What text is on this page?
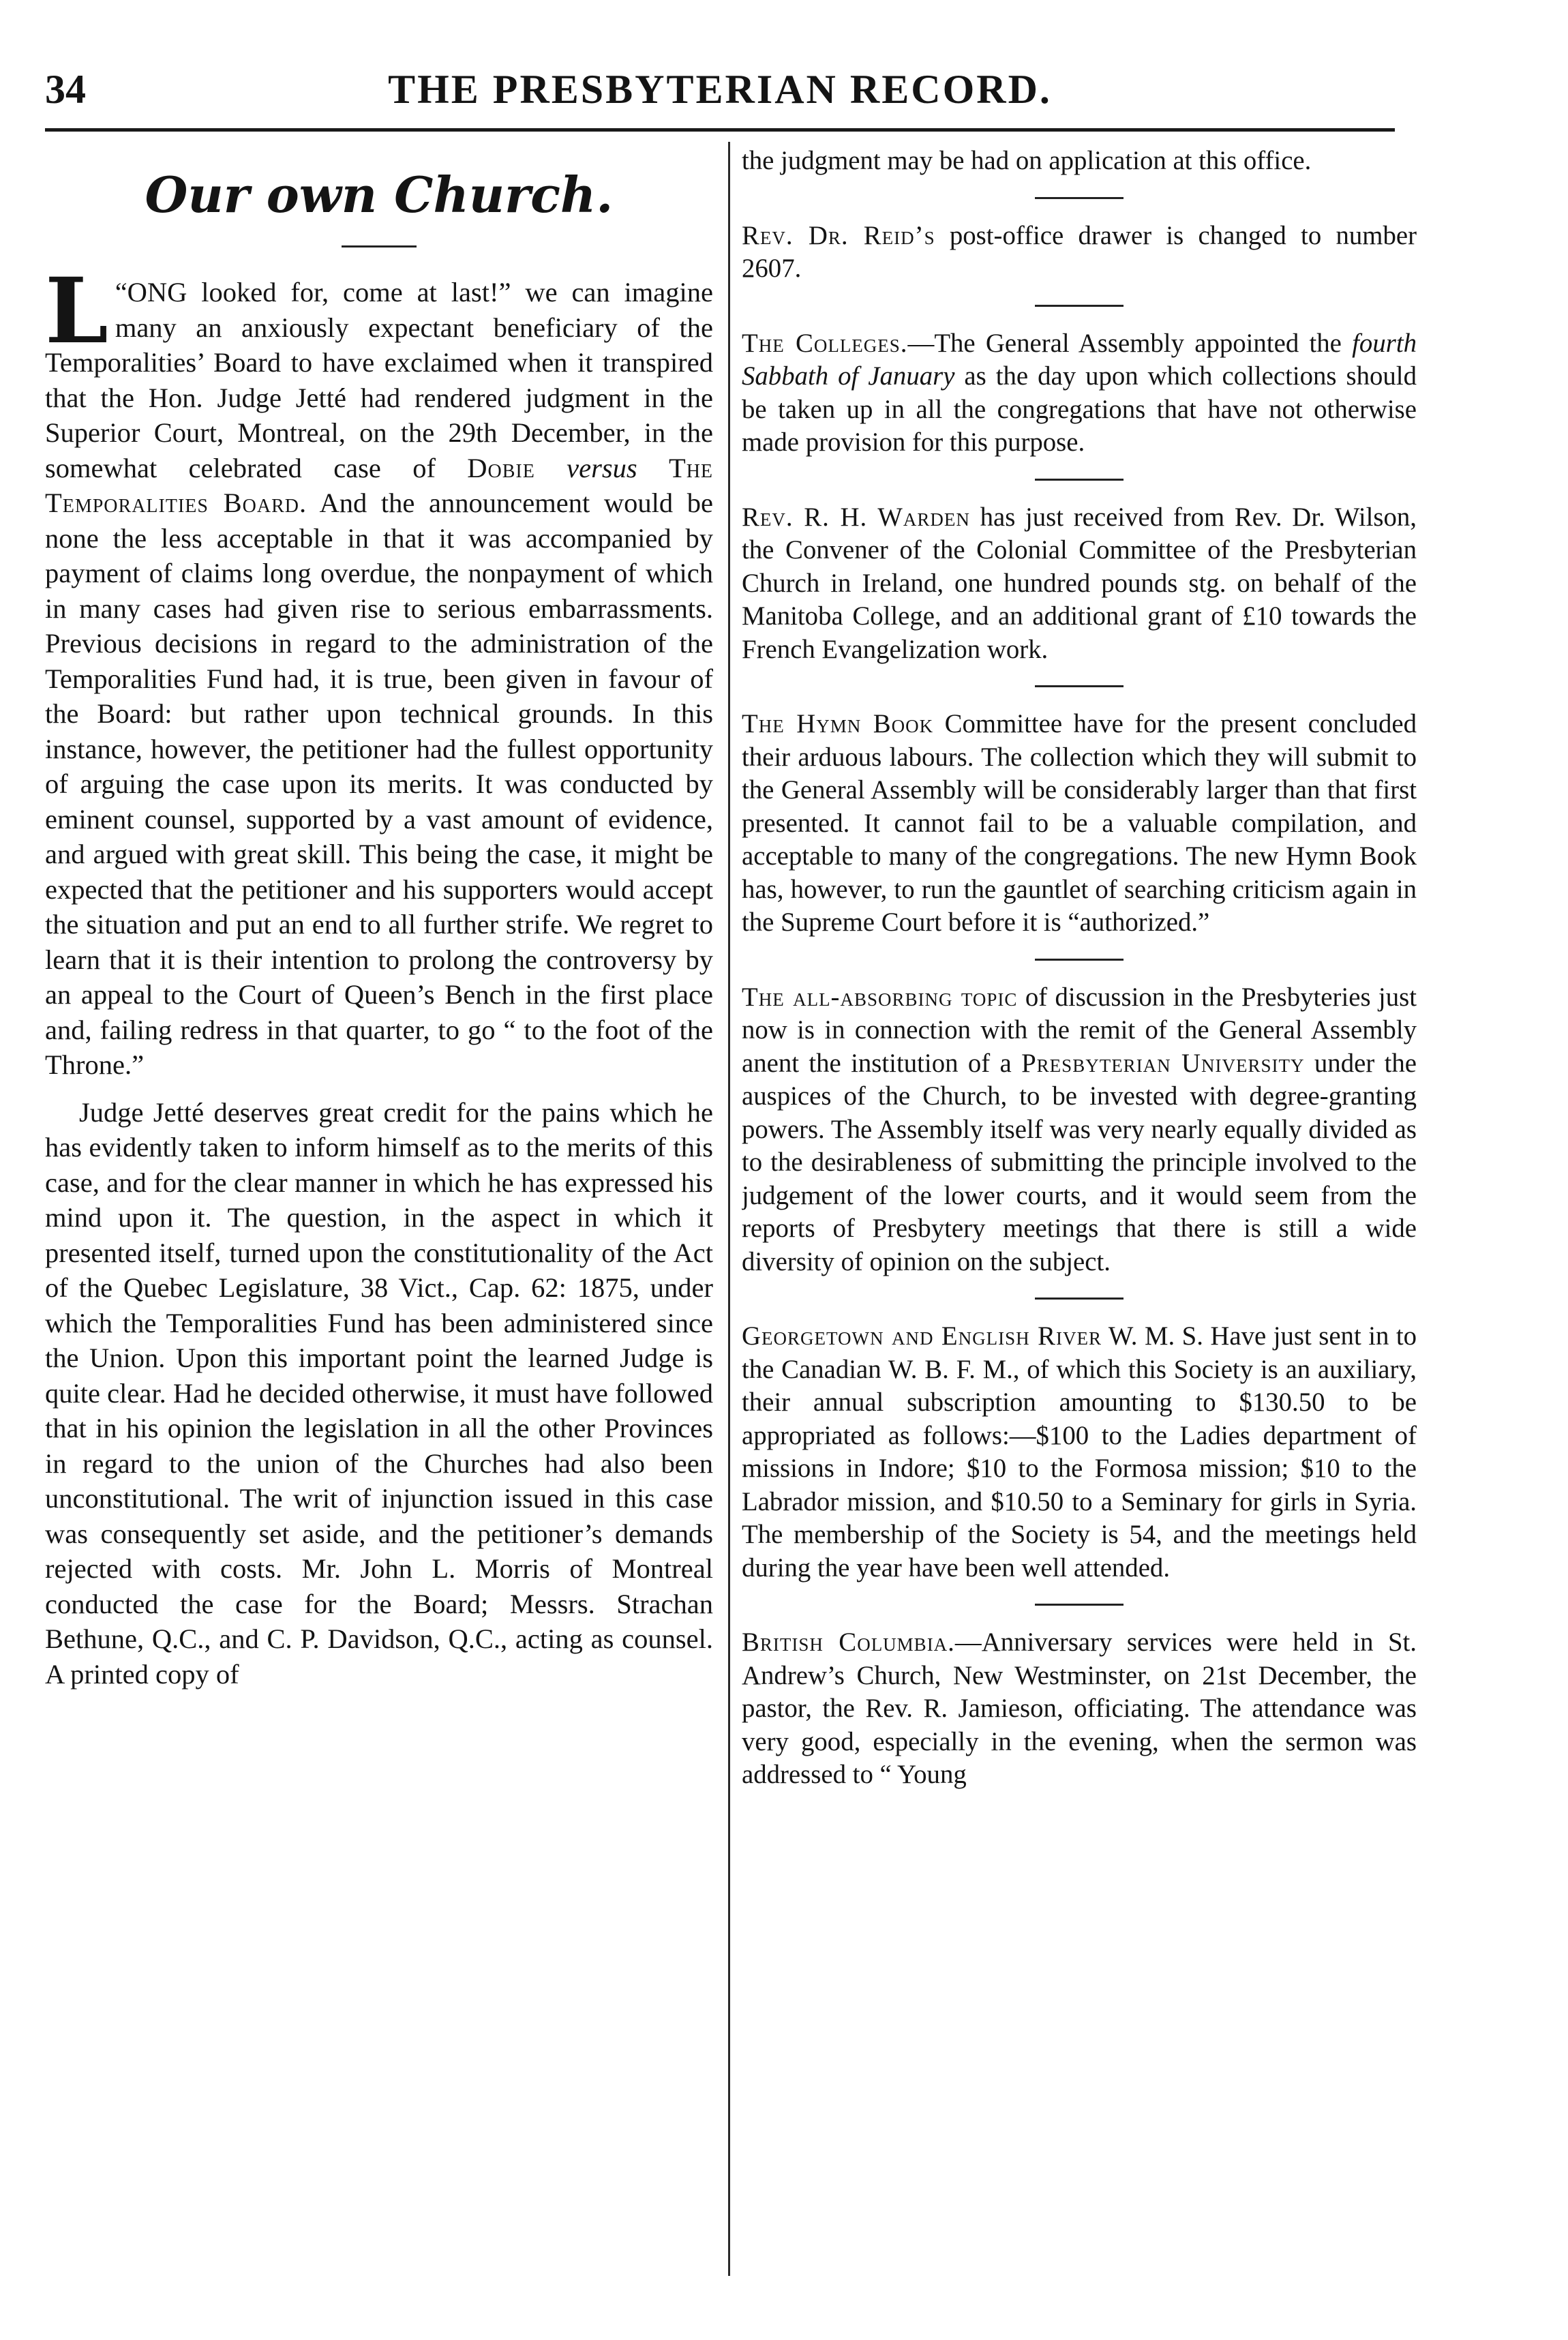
34	THE PRESBYTERIAN RECORD.
Our own Church.

“
L ONG looked for, come at last!” we can imagine many an anxiously expectant beneficiary of the Temporalities’ Board to have exclaimed when it transpired that the Hon. Judge Jetté had rendered judgment in the Superior Court, Montreal, on the 29th December, in the somewhat celebrated case of Dobie versus The Temporalities Board. And the announcement would be none the less acceptable in that it was accompanied by payment of claims long overdue, the nonpayment of which in many cases had given rise to serious embarrassments. Previous decisions in regard to the administration of the Temporalities Fund had, it is true, been given in favour of the Board: but rather upon technical grounds. In this instance, however, the petitioner had the fullest opportunity of arguing the case upon its merits. It was conducted by eminent counsel, supported by a vast amount of evidence, and argued with great skill. This being the case, it might be expected that the petitioner and his supporters would accept the situation and put an end to all further strife. We regret to learn that it is their intention to prolong the controversy by an appeal to the Court of Queen’s Bench in the first place and, failing redress in that quarter, to go “ to the foot of the Throne.”

Judge Jetté deserves great credit for the pains which he has evidently taken to inform himself as to the merits of this case, and for the clear manner in which he has expressed his mind upon it. The question, in the aspect in which it presented itself, turned upon the constitutionality of the Act of the Quebec Legislature, 38 Vict., Cap. 62: 1875, under which the Temporalities Fund has been administered since the Union. Upon this important point the learned Judge is quite clear. Had he decided otherwise, it must have followed that in his opinion the legislation in all the other Provinces in regard to the union of the Churches had also been unconstitutional. The writ of injunction issued in this case was consequently set aside, and the petitioner’s demands rejected with costs. Mr. John L. Morris of Montreal conducted the case for the Board; Messrs. Strachan Bethune, Q.C., and C. P. Davidson, Q.C., acting as counsel. A printed copy of

the judgment may be had on application at this office.

Rev. Dr. Reid’s post-office drawer is changed to number 2607.

The Colleges.—The General Assembly appointed the fourth Sabbath of January as the day upon which collections should be taken up in all the congregations that have not otherwise made provision for this purpose.

Rev. R. H. Warden has just received from Rev. Dr. Wilson, the Convener of the Colonial Committee of the Presbyterian Church in Ireland, one hundred pounds stg. on behalf of the Manitoba College, and an additional grant of £10 towards the French Evangelization work.

The Hymn Book Committee have for the present concluded their arduous labours. The collection which they will submit to the General Assembly will be considerably larger than that first presented. It cannot fail to be a valuable compilation, and acceptable to many of the congregations. The new Hymn Book has, however, to run the gauntlet of searching criticism again in the Supreme Court before it is “authorized.”

The all-absorbing topic of discussion in the Presbyteries just now is in connection with the remit of the General Assembly anent the institution of a Presbyterian University under the auspices of the Church, to be invested with degree-granting powers. The Assembly itself was very nearly equally divided as to the desirableness of submitting the principle involved to the judgement of the lower courts, and it would seem from the reports of Presbytery meetings that there is still a wide diversity of opinion on the subject.

Georgetown and English River W. M. S. Have just sent in to the Canadian W. B. F. M., of which this Society is an auxiliary, their annual subscription amounting to $130.50 to be appropriated as follows:—$100 to the Ladies department of missions in Indore; $10 to the Formosa mission; $10 to the Labrador mission, and $10.50 to a Seminary for girls in Syria. The membership of the Society is 54, and the meetings held during the year have been well attended.

British Columbia.—Anniversary services were held in St. Andrew’s Church, New Westminster, on 21st December, the pastor, the Rev. R. Jamieson, officiating. The attendance was very good, especially in the evening, when the sermon was addressed to “ Young
